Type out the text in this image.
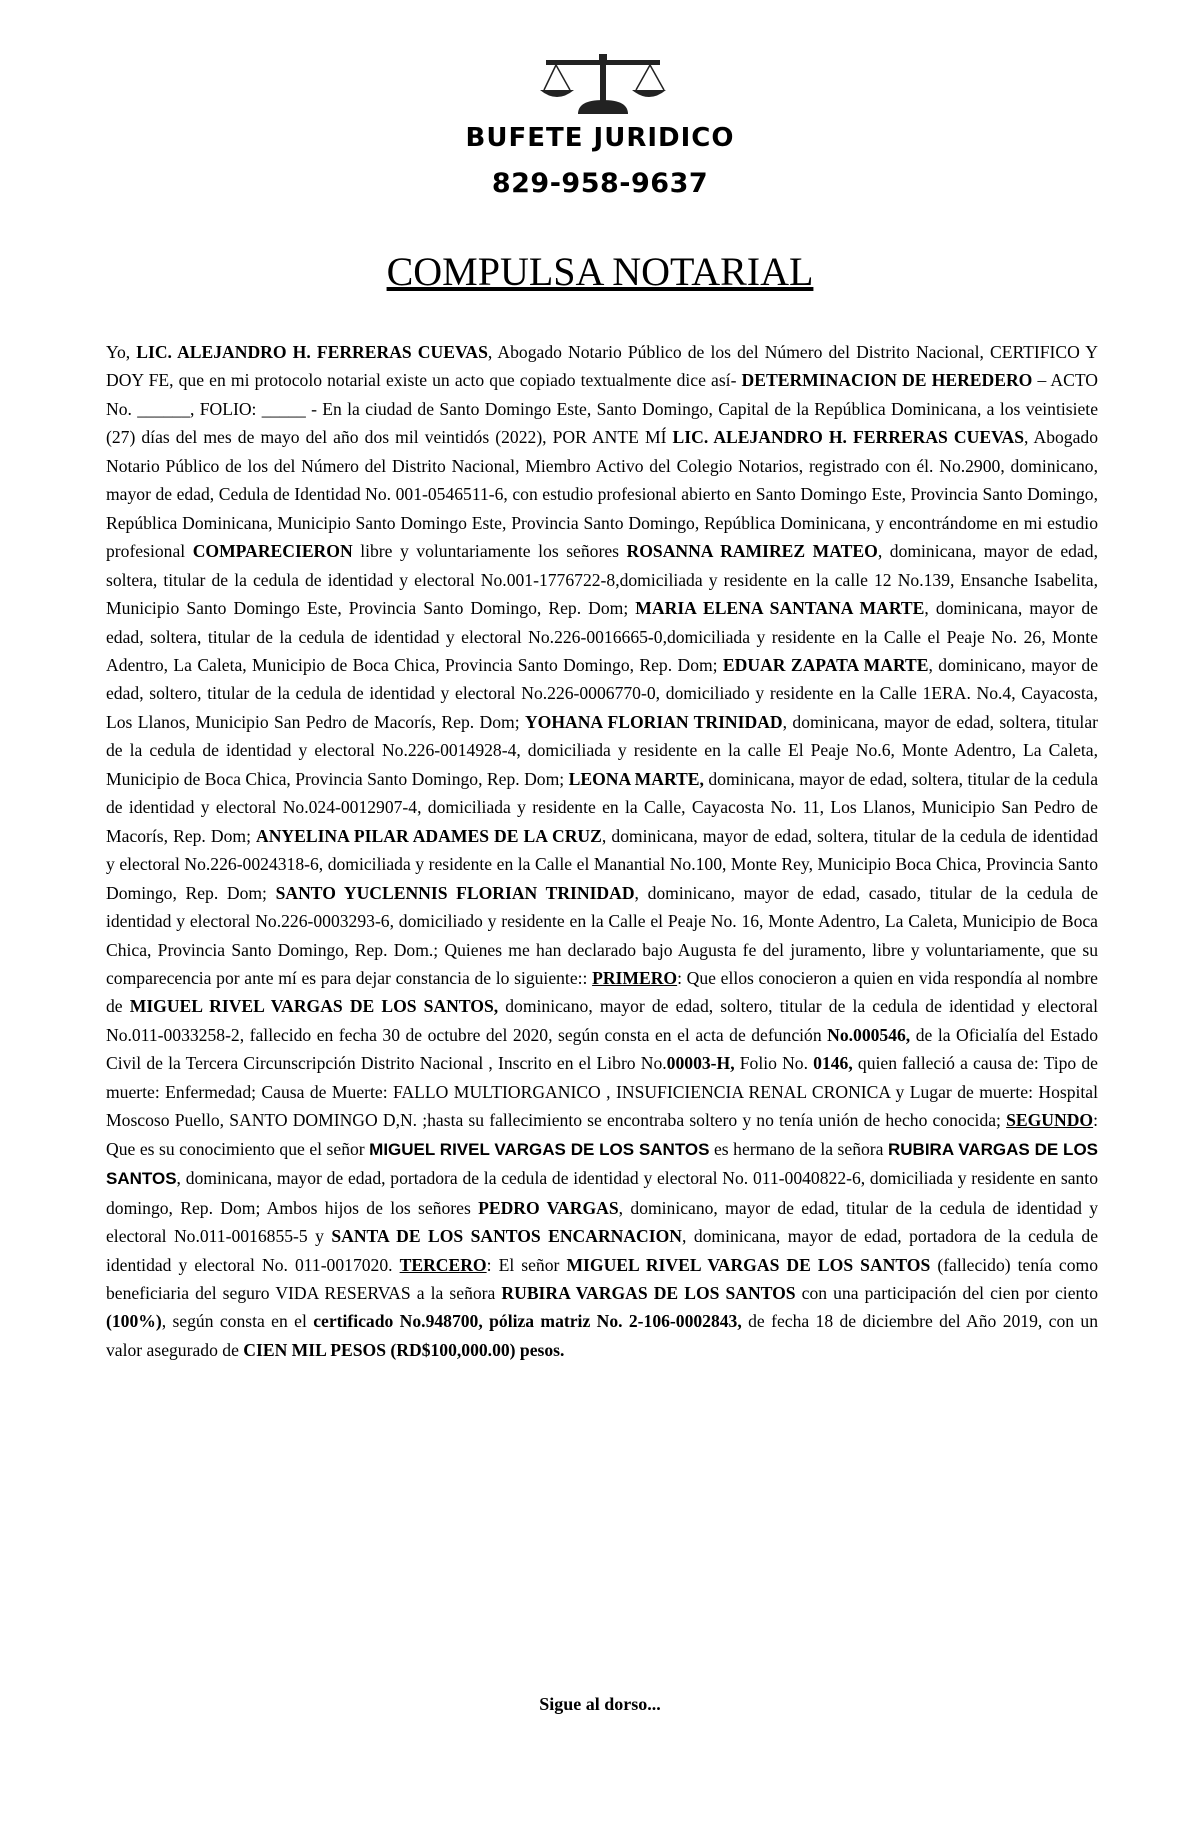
BUFETE JURIDICO
829-958-9637
COMPULSA NOTARIAL
Yo, LIC. ALEJANDRO H. FERRERAS CUEVAS, Abogado Notario Público de los del Número del Distrito Nacional, CERTIFICO Y DOY FE, que en mi protocolo notarial existe un acto que copiado textualmente dice así- DETERMINACION DE HEREDERO – ACTO No. ______, FOLIO: _____ - En la ciudad de Santo Domingo Este, Santo Domingo, Capital de la República Dominicana, a los veintisiete (27) días del mes de mayo del año dos mil veintidós (2022), POR ANTE MÍ LIC. ALEJANDRO H. FERRERAS CUEVAS, Abogado Notario Público de los del Número del Distrito Nacional, Miembro Activo del Colegio Notarios, registrado con él. No.2900, dominicano, mayor de edad, Cedula de Identidad No. 001-0546511-6, con estudio profesional abierto en Santo Domingo Este, Provincia Santo Domingo, República Dominicana, Municipio Santo Domingo Este, Provincia Santo Domingo, República Dominicana, y encontrándome en mi estudio profesional COMPARECIERON libre y voluntariamente los señores ROSANNA RAMIREZ MATEO, dominicana, mayor de edad, soltera, titular de la cedula de identidad y electoral No.001-1776722-8,domiciliada y residente en la calle 12 No.139, Ensanche Isabelita, Municipio Santo Domingo Este, Provincia Santo Domingo, Rep. Dom; MARIA ELENA SANTANA MARTE, dominicana, mayor de edad, soltera, titular de la cedula de identidad y electoral No.226-0016665-0,domiciliada y residente en la Calle el Peaje No. 26, Monte Adentro, La Caleta, Municipio de Boca Chica, Provincia Santo Domingo, Rep. Dom; EDUAR ZAPATA MARTE, dominicano, mayor de edad, soltero, titular de la cedula de identidad y electoral No.226-0006770-0, domiciliado y residente en la Calle 1ERA. No.4, Cayacosta, Los Llanos, Municipio San Pedro de Macorís, Rep. Dom; YOHANA FLORIAN TRINIDAD, dominicana, mayor de edad, soltera, titular de la cedula de identidad y electoral No.226-0014928-4, domiciliada y residente en la calle El Peaje No.6, Monte Adentro, La Caleta, Municipio de Boca Chica, Provincia Santo Domingo, Rep. Dom; LEONA MARTE, dominicana, mayor de edad, soltera, titular de la cedula de identidad y electoral No.024-0012907-4, domiciliada y residente en la Calle, Cayacosta No. 11, Los Llanos, Municipio San Pedro de Macorís, Rep. Dom; ANYELINA PILAR ADAMES DE LA CRUZ, dominicana, mayor de edad, soltera, titular de la cedula de identidad y electoral No.226-0024318-6, domiciliada y residente en la Calle el Manantial No.100, Monte Rey, Municipio Boca Chica, Provincia Santo Domingo, Rep. Dom; SANTO YUCLENNIS FLORIAN TRINIDAD, dominicano, mayor de edad, casado, titular de la cedula de identidad y electoral No.226-0003293-6, domiciliado y residente en la Calle el Peaje No. 16, Monte Adentro, La Caleta, Municipio de Boca Chica, Provincia Santo Domingo, Rep. Dom.; Quienes me han declarado bajo Augusta fe del juramento, libre y voluntariamente, que su comparecencia por ante mí es para dejar constancia de lo siguiente:: PRIMERO: Que ellos conocieron a quien en vida respondía al nombre de MIGUEL RIVEL VARGAS DE LOS SANTOS, dominicano, mayor de edad, soltero, titular de la cedula de identidad y electoral No.011-0033258-2, fallecido en fecha 30 de octubre del 2020, según consta en el acta de defunción No.000546, de la Oficialía del Estado Civil de la Tercera Circunscripción Distrito Nacional , Inscrito en el Libro No.00003-H, Folio No. 0146, quien falleció a causa de: Tipo de muerte: Enfermedad; Causa de Muerte: FALLO MULTIORGANICO , INSUFICIENCIA RENAL CRONICA y Lugar de muerte: Hospital Moscoso Puello, SANTO DOMINGO D,N. ;hasta su fallecimiento se encontraba soltero y no tenía unión de hecho conocida; SEGUNDO: Que es su conocimiento que el señor MIGUEL RIVEL VARGAS DE LOS SANTOS es hermano de la señora RUBIRA VARGAS DE LOS SANTOS, dominicana, mayor de edad, portadora de la cedula de identidad y electoral No. 011-0040822-6, domiciliada y residente en santo domingo, Rep. Dom; Ambos hijos de los señores PEDRO VARGAS, dominicano, mayor de edad, titular de la cedula de identidad y electoral No.011-0016855-5 y SANTA DE LOS SANTOS ENCARNACION, dominicana, mayor de edad, portadora de la cedula de identidad y electoral No. 011-0017020. TERCERO: El señor MIGUEL RIVEL VARGAS DE LOS SANTOS (fallecido) tenía como beneficiaria del seguro VIDA RESERVAS a la señora RUBIRA VARGAS DE LOS SANTOS con una participación del cien por ciento (100%), según consta en el certificado No.948700, póliza matriz No. 2-106-0002843, de fecha 18 de diciembre del Año 2019, con un valor asegurado de CIEN MIL PESOS (RD$100,000.00) pesos.
Sigue al dorso...
